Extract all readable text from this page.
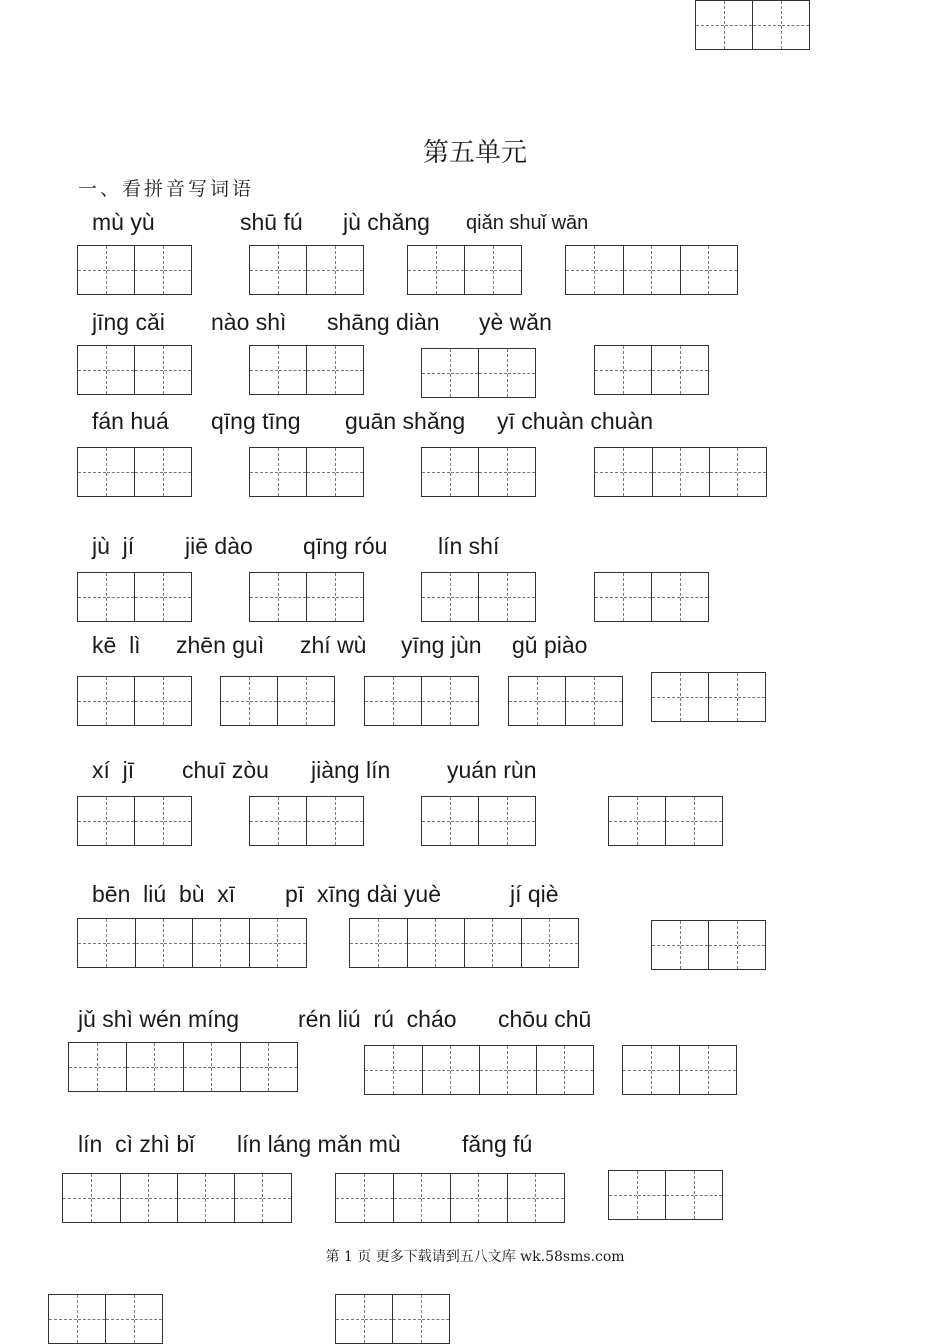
第五单元
一、看拼音写词语
mù yù	shū fú jù chǎng qiǎn shuǐ wān
jīng cǎi nào shì shāng diàn yè wǎn
fán huá qīng tīng guān shǎng yī chuàn chuàn
jù  jí jiē dào qīng róu lín shí
kē  lì zhēn guì zhí wù yīng jùn gǔ piào
xí  jī chuī zòu jiàng lín yuán rùn
bēn  liú  bù  xī pī  xīng dài yuè	jí qiè
jǔ shì wén míng	rén liú  rú  cháo chōu chū
lín  cì zhì bǐ lín láng mǎn mù	fǎng fú
第 1 页 更多下载请到五八文库 wk.58sms.com
